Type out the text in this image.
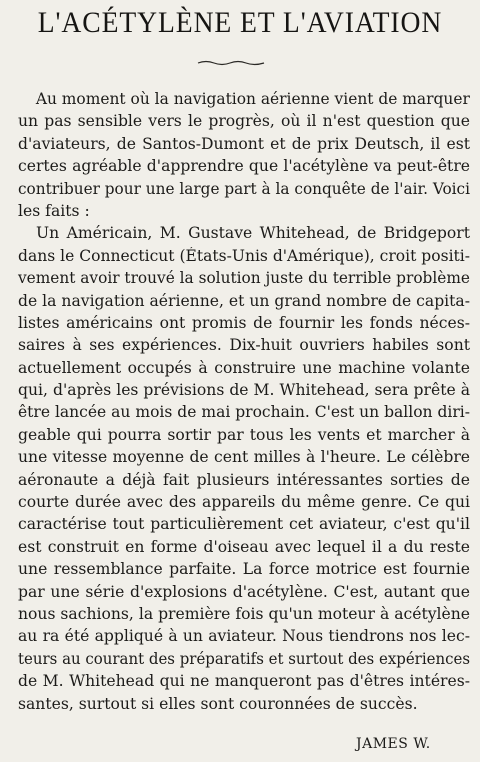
L'ACÉTYLÈNE ET L'AVIATION
Au moment où la navigation aérienne vient de marquer
un pas sensible vers le progrès, où il n'est question que
d'aviateurs, de Santos-Dumont et de prix Deutsch, il est
certes agréable d'apprendre que l'acétylène va peut-être
contribuer pour une large part à la conquête de l'air. Voici
les faits :
Un Américain, M. Gustave Whitehead, de Bridgeport
dans le Connecticut (États-Unis d'Amérique), croit positi-
vement avoir trouvé la solution juste du terrible problème
de la navigation aérienne, et un grand nombre de capita-
listes américains ont promis de fournir les fonds néces-
saires à ses expériences. Dix-huit ouvriers habiles sont
actuellement occupés à construire une machine volante
qui, d'après les prévisions de M. Whitehead, sera prête à
être lancée au mois de mai prochain. C'est un ballon diri-
geable qui pourra sortir par tous les vents et marcher à
une vitesse moyenne de cent milles à l'heure. Le célèbre
aéronaute a déjà fait plusieurs intéressantes sorties de
courte durée avec des appareils du même genre. Ce qui
caractérise tout particulièrement cet aviateur, c'est qu'il
est construit en forme d'oiseau avec lequel il a du reste
une ressemblance parfaite. La force motrice est fournie
par une série d'explosions d'acétylène. C'est, autant que
nous sachions, la première fois qu'un moteur à acétylène
au ra été appliqué à un aviateur. Nous tiendrons nos lec-
teurs au courant des préparatifs et surtout des expériences
de M. Whitehead qui ne manqueront pas d'êtres intéres-
santes, surtout si elles sont couronnées de succès.
JAMES W.
